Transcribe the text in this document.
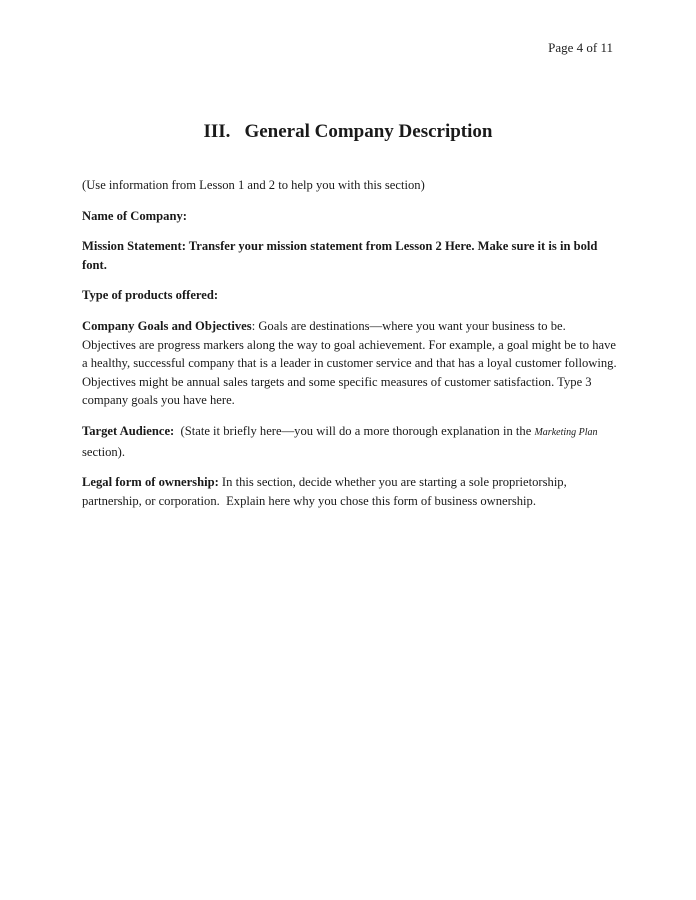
Page 4 of 11
III. General Company Description

(Use information from Lesson 1 and 2 to help you with this section)

Name of Company:

Mission Statement: Transfer your mission statement from Lesson 2 Here. Make sure it is in bold font.

Type of products offered:

Company Goals and Objectives: Goals are destinations—where you want your business to be. Objectives are progress markers along the way to goal achievement. For example, a goal might be to have a healthy, successful company that is a leader in customer service and that has a loyal customer following. Objectives might be annual sales targets and some specific measures of customer satisfaction. Type 3 company goals you have here.

Target Audience:  (State it briefly here—you will do a more thorough explanation in the Marketing Plan section).

Legal form of ownership: In this section, decide whether you are starting a sole proprietorship, partnership, or corporation.  Explain here why you chose this form of business ownership.
